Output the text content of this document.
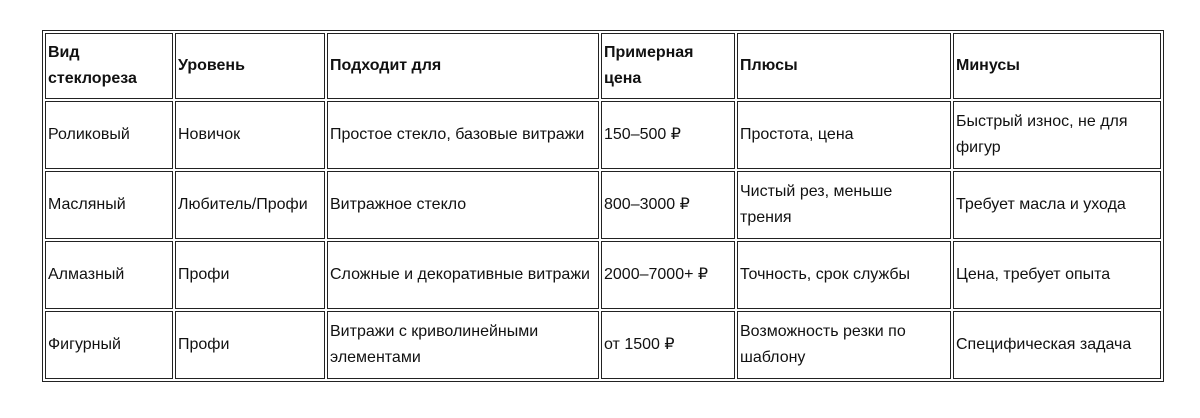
Вид стеклореза	Уровень	Подходит для	Примерная цена	Плюсы	Минусы
Роликовый	Новичок	Простое стекло, базовые витражи	150–500 ₽	Простота, цена	Быстрый износ, не для фигур
Масляный	Любитель/Профи	Витражное стекло	800–3000 ₽	Чистый рез, меньше трения	Требует масла и ухода
Алмазный	Профи	Сложные и декоративные витражи	2000–7000+ ₽	Точность, срок службы	Цена, требует опыта
Фигурный	Профи	Витражи с криволинейными элементами	от 1500 ₽	Возможность резки по шаблону	Специфическая задача
